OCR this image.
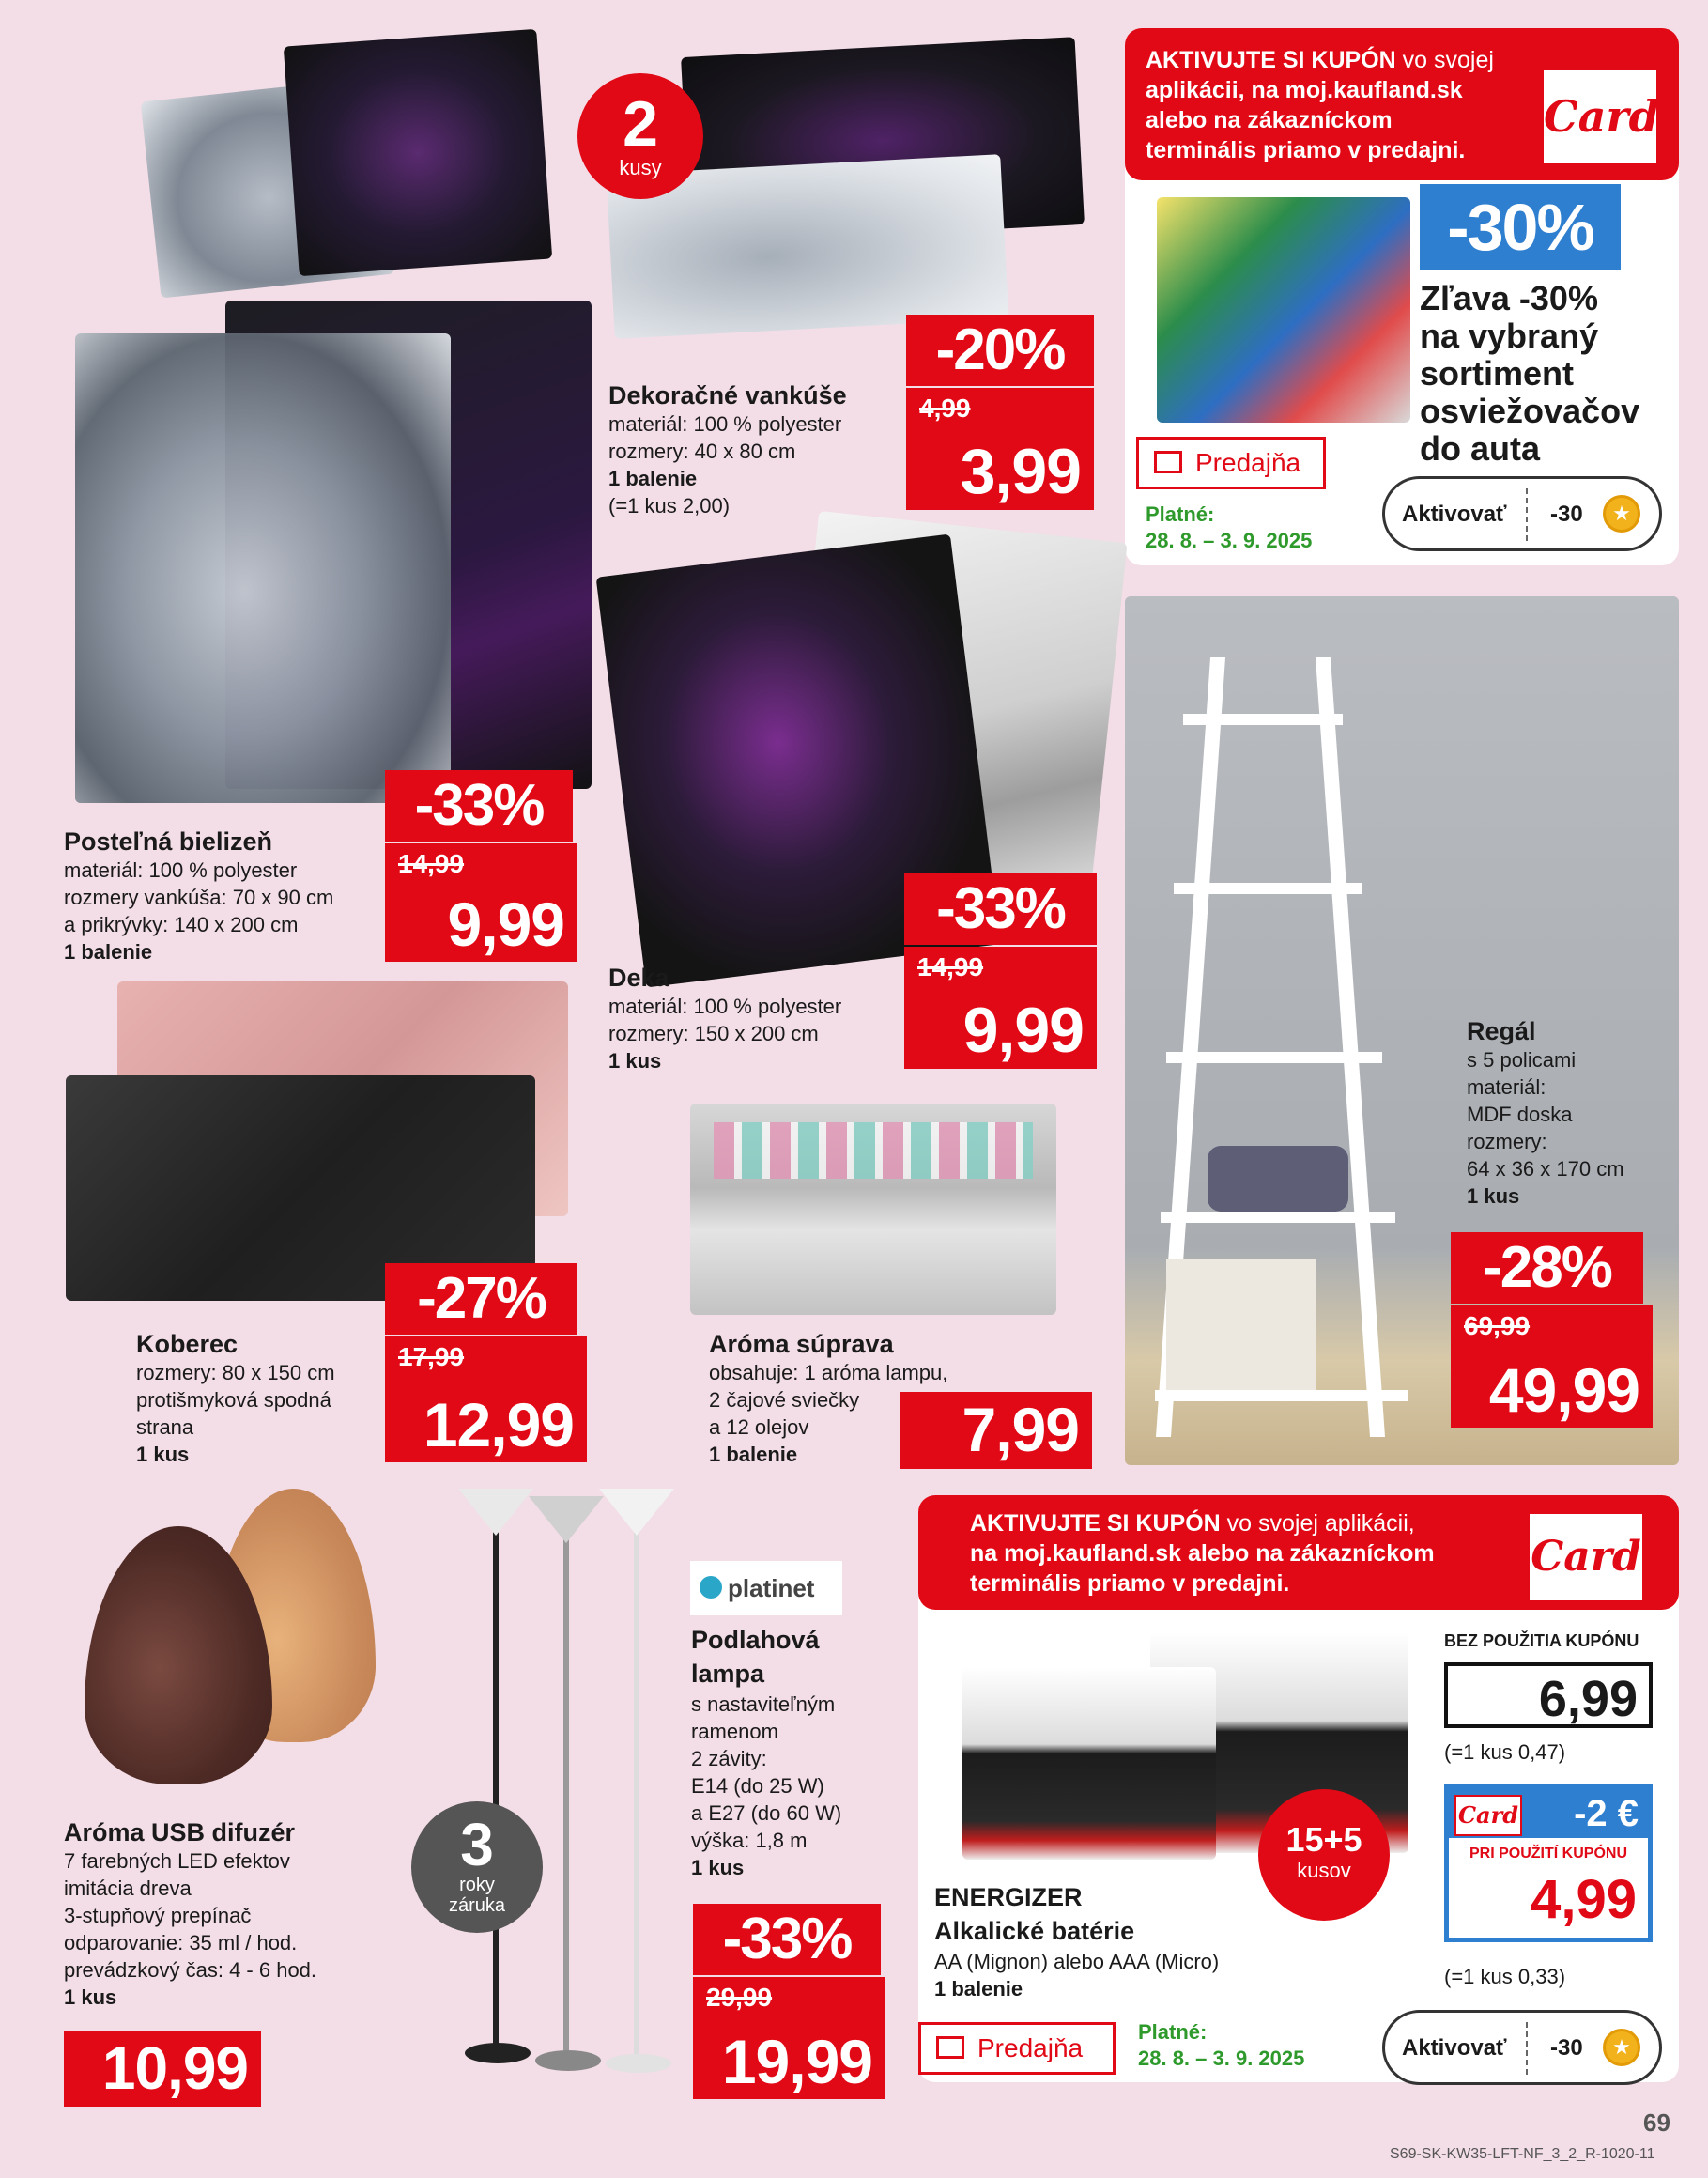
Posteľná bielizeň
materiál: 100 % polyester
rozmery vankúša: 70 x 90 cm
a prikrývky: 140 x 200 cm
1 balenie
-33%
14,99
9,99
2
kusy
Dekoračné vankúše
materiál: 100 % polyester
rozmery: 40 x 80 cm
1 balenie
(=1 kus 2,00)
-20%
4,99
3,99
AKTIVUJTE SI KUPÓN vo svojej
aplikácii, na moj.kaufland.sk
alebo na zákazníckom
terminális priamo v predajni.
Card
-30%
Zľava -30%
na vybraný
sortiment
osviežovačov
do auta
Predajňa
Platné:
28. 8. – 3. 9. 2025
Aktivovať -30	★
Deka
materiál: 100 % polyester
rozmery: 150 x 200 cm
1 kus
-33%
14,99
9,99	Regál
s 5 policami
materiál:
MDF doska
rozmery:
64 x 36 x 170 cm
1 kus
-28%
69,99
49,99
Koberec
rozmery: 80 x 150 cm
protišmyková spodná
strana
1 kus
-27%
17,99
12,99
Aróma súprava
obsahuje: 1 aróma lampu,
2 čajové sviečky
a 12 olejov
1 balenie	7,99
Aróma USB difuzér
7 farebných LED efektov
imitácia dreva
3-stupňový prepínač
odparovanie: 35 ml / hod.
prevádzkový čas: 4 - 6 hod.
1 kus
10,99
3
roky
záruka
platinet
Podlahová
lampa
s nastaviteľným
ramenom
2 závity:
E14 (do 25 W)
a E27 (do 60 W)
výška: 1,8 m
1 kus
-33%
29,99
19,99
AKTIVUJTE SI KUPÓN vo svojej aplikácii,
na moj.kaufland.sk alebo na zákazníckom
terminális priamo v predajni.
Card
15+5
kusov
ENERGIZER
Alkalické batérie
AA (Mignon) alebo AAA (Micro)
1 balenie
BEZ POUŽITIA KUPÓNU
6,99
(=1 kus 0,47)
Card -2 €
PRI POUŽITÍ KUPÓNU
4,99
(=1 kus 0,33)
Predajňa
Platné:
28. 8. – 3. 9. 2025	Aktivovať -30	★
69
S69-SK-KW35-LFT-NF_3_2_R-1020-11
